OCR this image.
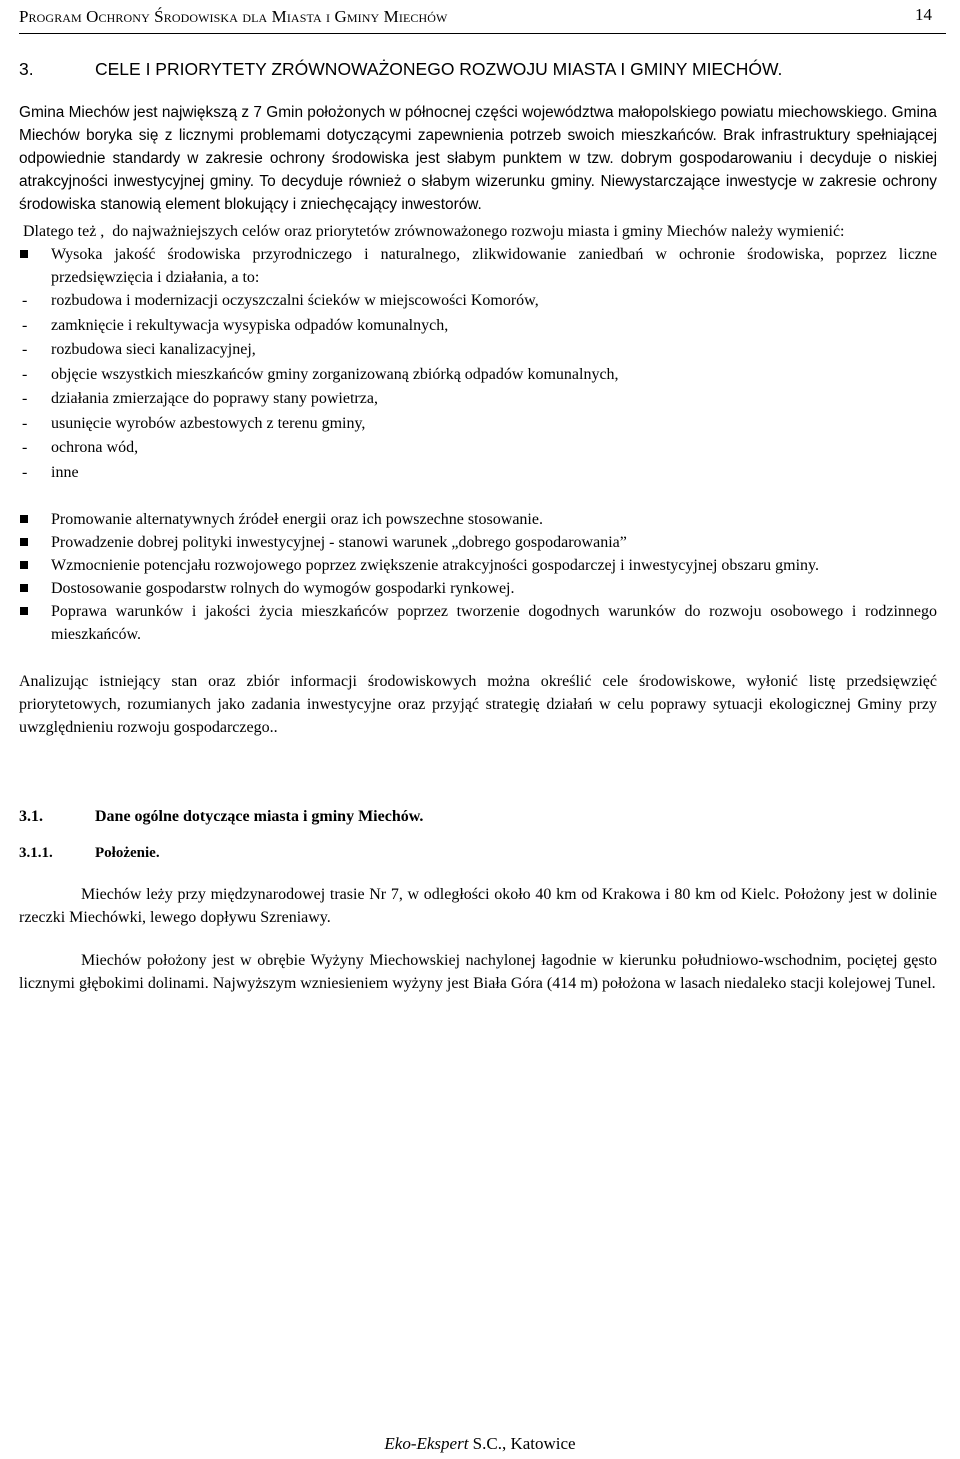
Program Ochrony Środowiska dla Miasta i Gminy Miechów	14
3.	CELE I PRIORYTETY ZRÓWNOWAŻONEGO ROZWOJU MIASTA I GMINY MIECHÓW.

Gmina Miechów jest największą z 7 Gmin położonych w północnej części województwa małopolskiego powiatu miechowskiego. Gmina Miechów boryka się z licznymi problemami dotyczącymi zapewnienia potrzeb swoich mieszkańców. Brak infrastruktury spełniającej odpowiednie standardy w zakresie ochrony środowiska jest słabym punktem w tzw. dobrym gospodarowaniu i decyduje o niskiej atrakcyjności inwestycyjnej gminy. To decyduje również o słabym wizerunku gminy. Niewystarczające inwestycje w zakresie ochrony środowiska stanowią element blokujący i zniechęcający inwestorów.

Dlatego też ,  do najważniejszych celów oraz priorytetów zrównoważonego rozwoju miasta i gminy Miechów należy wymienić:

Wysoka jakość środowiska przyrodniczego i naturalnego, zlikwidowanie zaniedbań w ochronie środowiska, poprzez liczne przedsięwzięcia i działania, a to:
- rozbudowa i modernizacji oczyszczalni ścieków w miejscowości Komorów,
- zamknięcie i rekultywacja wysypiska odpadów komunalnych,
- rozbudowa sieci kanalizacyjnej,
- objęcie wszystkich mieszkańców gminy zorganizowaną zbiórką odpadów komunalnych,
- działania zmierzające do poprawy stany powietrza,
- usunięcie wyrobów azbestowych z terenu gminy,
- ochrona wód,
- inne
Promowanie alternatywnych źródeł energii oraz ich powszechne stosowanie.
Prowadzenie dobrej polityki inwestycyjnej - stanowi warunek „dobrego gospodarowania”
Wzmocnienie potencjału rozwojowego poprzez zwiększenie atrakcyjności gospodarczej i inwestycyjnej obszaru gminy.
Dostosowanie gospodarstw rolnych do wymogów gospodarki rynkowej.
Poprawa warunków i jakości życia mieszkańców poprzez tworzenie dogodnych warunków do rozwoju osobowego i rodzinnego mieszkańców.

Analizując istniejący stan oraz zbiór informacji środowiskowych można określić cele środowiskowe, wyłonić listę przedsięwzięć priorytetowych, rozumianych jako zadania inwestycyjne oraz przyjąć strategię działań w celu poprawy sytuacji ekologicznej Gminy przy uwzględnieniu rozwoju gospodarczego..

3.1.	Dane ogólne dotyczące miasta i gminy Miechów.
3.1.1.	Położenie.

Miechów leży przy międzynarodowej trasie Nr 7, w odległości około 40 km od Krakowa i 80 km od Kielc. Położony jest w dolinie rzeczki Miechówki, lewego dopływu Szreniawy.

Miechów położony jest w obrębie Wyżyny Miechowskiej nachylonej łagodnie w kierunku południowo-wschodnim, pociętej gęsto licznymi głębokimi dolinami. Najwyższym wzniesieniem wyżyny jest Biała Góra (414 m) położona w lasach niedaleko stacji kolejowej Tunel.

Eko-Ekspert S.C., Katowice
